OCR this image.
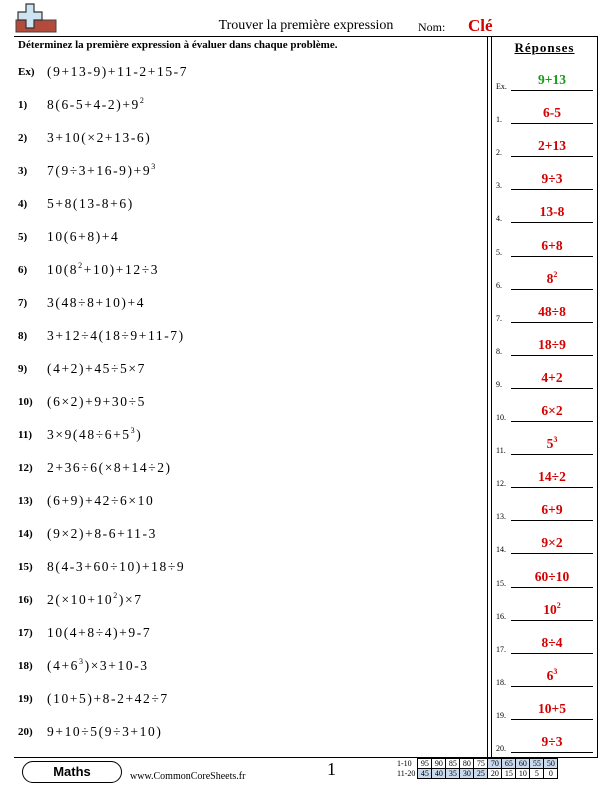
Trouver la première expression	Nom: Clé
Déterminez la première expression à évaluer dans chaque problème.	Réponses
Ex) (9+13-9)+11-2+15-7
1) $8(6-5+4-2)+9^2$
2) 3+10(×2+13-6)
3) $7(9\div 3+16-9)+9^3$
4) 5+8(13-8+6)
5) 10(6+8)+4
6) $10(8^2+10)+12\div 3$
7) 3(48÷8+10)+4
8) 3+12÷4(18÷9+11-7)
9) (4+2)+45÷5×7
10) (6×2)+9+30÷5
11) $3\times 9(48\div 6+5^3)$
12) 2+36÷6(×8+14÷2)
13) (6+9)+42÷6×10
14) (9×2)+8-6+11-3
15) 8(4-3+60÷10)+18÷9
16) $2(\times 10+10^2)\times 7$
17) 10(4+8÷4)+9-7
18) $(4+6^3)\times 3+10-3$
19) (10+5)+8-2+42÷7
20) 9+10÷5(9÷3+10)
Ex.	9+13
1.	6-5
2.	2+13
3.	9÷3
4.	13-8
5.	6+8
6.	$8^2$
7.	48÷8
8.	18÷9
9.	4+2
10.	6×2
11.	$5^3$
12.	14÷2
13.	6+9
14.	9×2
15.	60÷10
16.	$10^2$
17.	8÷4
18.	$6^3$
19.	10+5
20.	9÷3
Maths	www.CommonCoreSheets.fr	1	1-10	95	90	85	80	75	70	65	60	55	50
11-20	45	40	35	30	25	20	15	10	5	0
